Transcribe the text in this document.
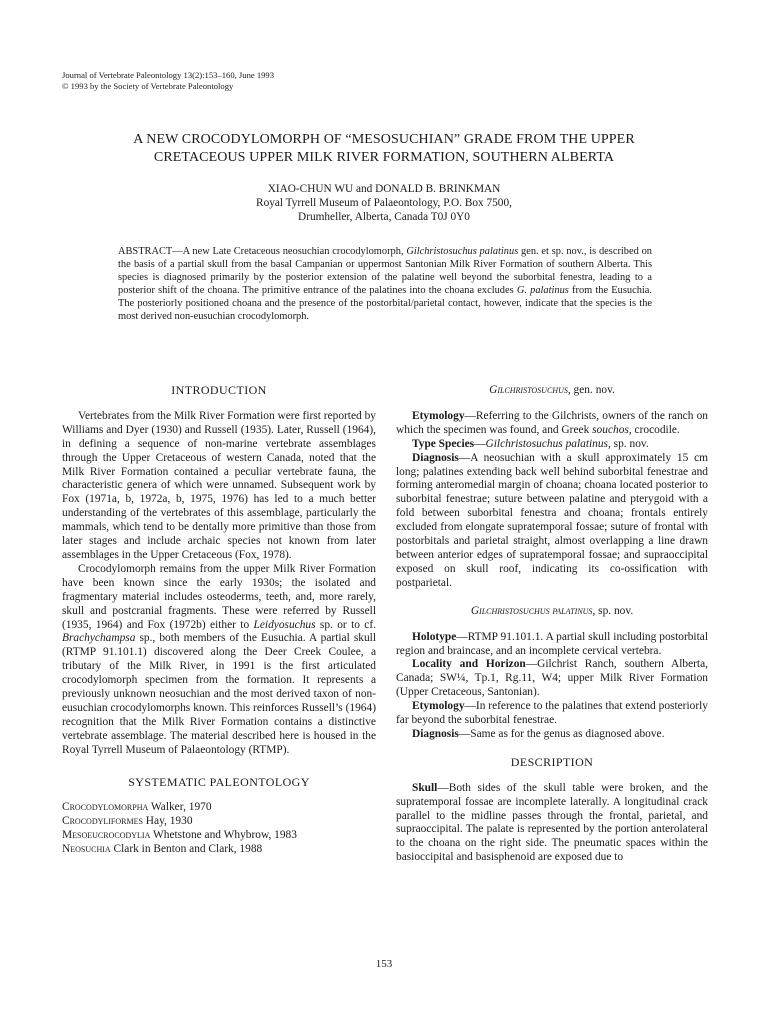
Journal of Vertebrate Paleontology 13(2):153–160, June 1993
© 1993 by the Society of Vertebrate Paleontology
A NEW CROCODYLOMORPH OF “MESOSUCHIAN” GRADE FROM THE UPPER
CRETACEOUS UPPER MILK RIVER FORMATION, SOUTHERN ALBERTA
XIAO-CHUN WU and DONALD B. BRINKMAN
Royal Tyrrell Museum of Palaeontology, P.O. Box 7500,
Drumheller, Alberta, Canada T0J 0Y0
ABSTRACT—A new Late Cretaceous neosuchian crocodylomorph, Gilchristosuchus palatinus gen. et sp. nov., is described on the basis of a partial skull from the basal Campanian or uppermost Santonian Milk River Formation of southern Alberta. This species is diagnosed primarily by the posterior extension of the palatine well beyond the suborbital fenestra, leading to a posterior shift of the choana. The primitive entrance of the palatines into the choana excludes G. palatinus from the Eusuchia. The posteriorly positioned choana and the presence of the postorbital/parietal contact, however, indicate that the species is the most derived non-eusuchian crocodylomorph.
INTRODUCTION

Vertebrates from the Milk River Formation were first reported by Williams and Dyer (1930) and Russell (1935). Later, Russell (1964), in defining a sequence of non-marine vertebrate assemblages through the Upper Cretaceous of western Canada, noted that the Milk River Formation contained a peculiar vertebrate fauna, the characteristic genera of which were unnamed. Subsequent work by Fox (1971a, b, 1972a, b, 1975, 1976) has led to a much better understanding of the vertebrates of this assemblage, particularly the mammals, which tend to be dentally more primitive than those from later stages and include archaic species not known from later assemblages in the Upper Cretaceous (Fox, 1978).

Crocodylomorph remains from the upper Milk River Formation have been known since the early 1930s; the isolated and fragmentary material includes osteoderms, teeth, and, more rarely, skull and postcranial fragments. These were referred by Russell (1935, 1964) and Fox (1972b) either to Leidyosuchus sp. or to cf. Brachychampsa sp., both members of the Eusuchia. A partial skull (RTMP 91.101.1) discovered along the Deer Creek Coulee, a tributary of the Milk River, in 1991 is the first articulated crocodylomorph specimen from the formation. It represents a previously unknown neosuchian and the most derived taxon of non-eusuchian crocodylomorphs known. This reinforces Russell’s (1964) recognition that the Milk River Formation contains a distinctive vertebrate assemblage. The material described here is housed in the Royal Tyrrell Museum of Palaeontology (RTMP).

SYSTEMATIC PALEONTOLOGY

Crocodylomorpha Walker, 1970

Crocodyliformes Hay, 1930

Mesoeucrocodylia Whetstone and Whybrow, 1983

Neosuchia Clark in Benton and Clark, 1988

Gilchristosuchus, gen. nov.

Etymology—Referring to the Gilchrists, owners of the ranch on which the specimen was found, and Greek souchos, crocodile.

Type Species—Gilchristosuchus palatinus, sp. nov.

Diagnosis—A neosuchian with a skull approximately 15 cm long; palatines extending back well behind suborbital fenestrae and forming anteromedial margin of choana; choana located posterior to suborbital fenestrae; suture between palatine and pterygoid with a fold between suborbital fenestra and choana; frontals entirely excluded from elongate supratemporal fossae; suture of frontal with postorbitals and parietal straight, almost overlapping a line drawn between anterior edges of supratemporal fossae; and supraoccipital exposed on skull roof, indicating its co-ossification with postparietal.

Gilchristosuchus palatinus, sp. nov.

Holotype—RTMP 91.101.1. A partial skull including postorbital region and braincase, and an incomplete cervical vertebra.

Locality and Horizon—Gilchrist Ranch, southern Alberta, Canada; SW¼, Tp.1, Rg.11, W4; upper Milk River Formation (Upper Cretaceous, Santonian).

Etymology—In reference to the palatines that extend posteriorly far beyond the suborbital fenestrae.

Diagnosis—Same as for the genus as diagnosed above.

DESCRIPTION

Skull—Both sides of the skull table were broken, and the supratemporal fossae are incomplete laterally. A longitudinal crack parallel to the midline passes through the frontal, parietal, and supraoccipital. The palate is represented by the portion anterolateral to the choana on the right side. The pneumatic spaces within the basioccipital and basisphenoid are exposed due to

153
